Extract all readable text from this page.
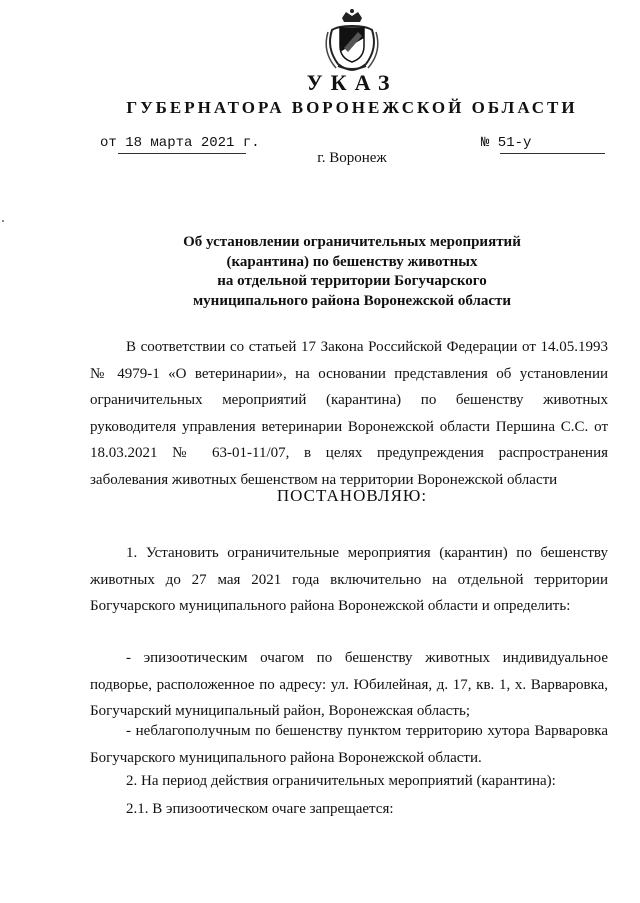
УКАЗ
ГУБЕРНАТОРА ВОРОНЕЖСКОЙ ОБЛАСТИ
от 18 марта 2021 г.	№ 51-у
г. Воронеж
Об установлении ограничительных мероприятий
(карантина) по бешенству животных
на отдельной территории Богучарского
муниципального района Воронежской области
В соответствии со статьей 17 Закона Российской Федерации от 14.05.1993 № 4979-1 «О ветеринарии», на основании представления об установлении ограничительных мероприятий (карантина) по бешенству животных руководителя управления ветеринарии Воронежской области Першина С.С. от 18.03.2021 № 63-01-11/07, в целях предупреждения распространения заболевания животных бешенством на территории Воронежской области
ПОСТАНОВЛЯЮ:
1. Установить ограничительные мероприятия (карантин) по бешенству животных до 27 мая 2021 года включительно на отдельной территории Богучарского муниципального района Воронежской области и определить:
- эпизоотическим очагом по бешенству животных индивидуальное подворье, расположенное по адресу: ул. Юбилейная, д. 17, кв. 1, х. Варваровка, Богучарский муниципальный район, Воронежская область;
- неблагополучным по бешенству пунктом территорию хутора Варваровка Богучарского муниципального района Воронежской области.
2. На период действия ограничительных мероприятий (карантина):
2.1. В эпизоотическом очаге запрещается:
